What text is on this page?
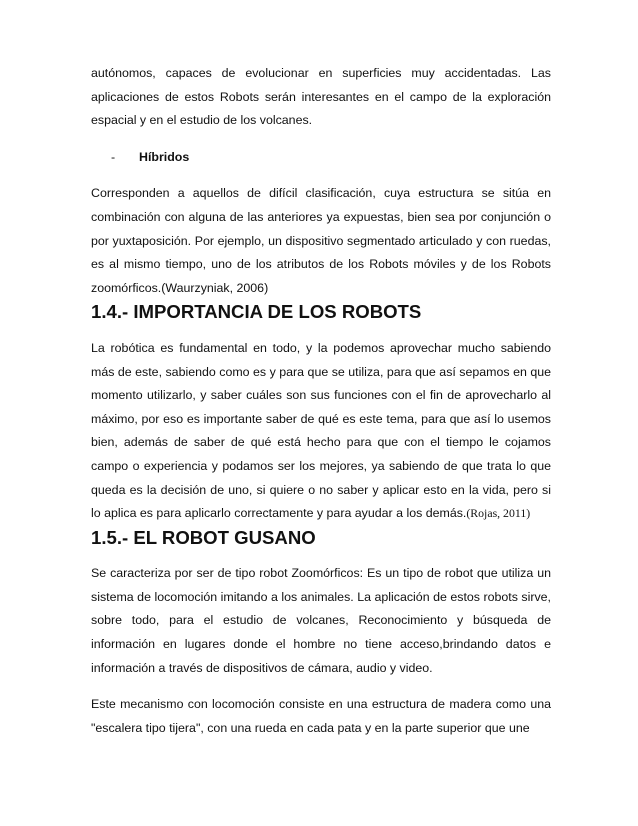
autónomos, capaces de evolucionar en superficies muy accidentadas. Las aplicaciones de estos Robots serán interesantes en el campo de la exploración espacial y en el estudio de los volcanes.

-	Híbridos

Corresponden a aquellos de difícil clasificación, cuya estructura se sitúa en combinación con alguna de las anteriores ya expuestas, bien sea por conjunción o por yuxtaposición. Por ejemplo, un dispositivo segmentado articulado y con ruedas, es al mismo tiempo, uno de los atributos de los Robots móviles y de los Robots zoomórficos.(Waurzyniak, 2006)

1.4.- IMPORTANCIA DE LOS ROBOTS

La robótica es fundamental en todo, y la podemos aprovechar mucho sabiendo más de este, sabiendo como es y para que se utiliza, para que así sepamos en que momento utilizarlo, y saber cuáles son sus funciones con el fin de aprovecharlo al máximo, por eso es importante saber de qué es este tema, para que así lo usemos bien, además de saber de qué está hecho para que con el tiempo le cojamos campo o experiencia y podamos ser los mejores, ya sabiendo de que trata lo que queda es la decisión de uno, si quiere o no saber y aplicar esto en la vida, pero si lo aplica es para aplicarlo correctamente y para ayudar a los demás.(Rojas, 2011)

1.5.- EL ROBOT GUSANO

Se caracteriza por ser de tipo robot Zoomórficos: Es un tipo de robot que utiliza un sistema de locomoción imitando a los animales. La aplicación de estos robots sirve, sobre todo, para el estudio de volcanes, Reconocimiento y búsqueda de información en lugares donde el hombre no tiene acceso,brindando datos e información a través de dispositivos de cámara, audio y video.

Este mecanismo con locomoción consiste en una estructura de madera como una "escalera tipo tijera", con una rueda en cada pata y en la parte superior que une
